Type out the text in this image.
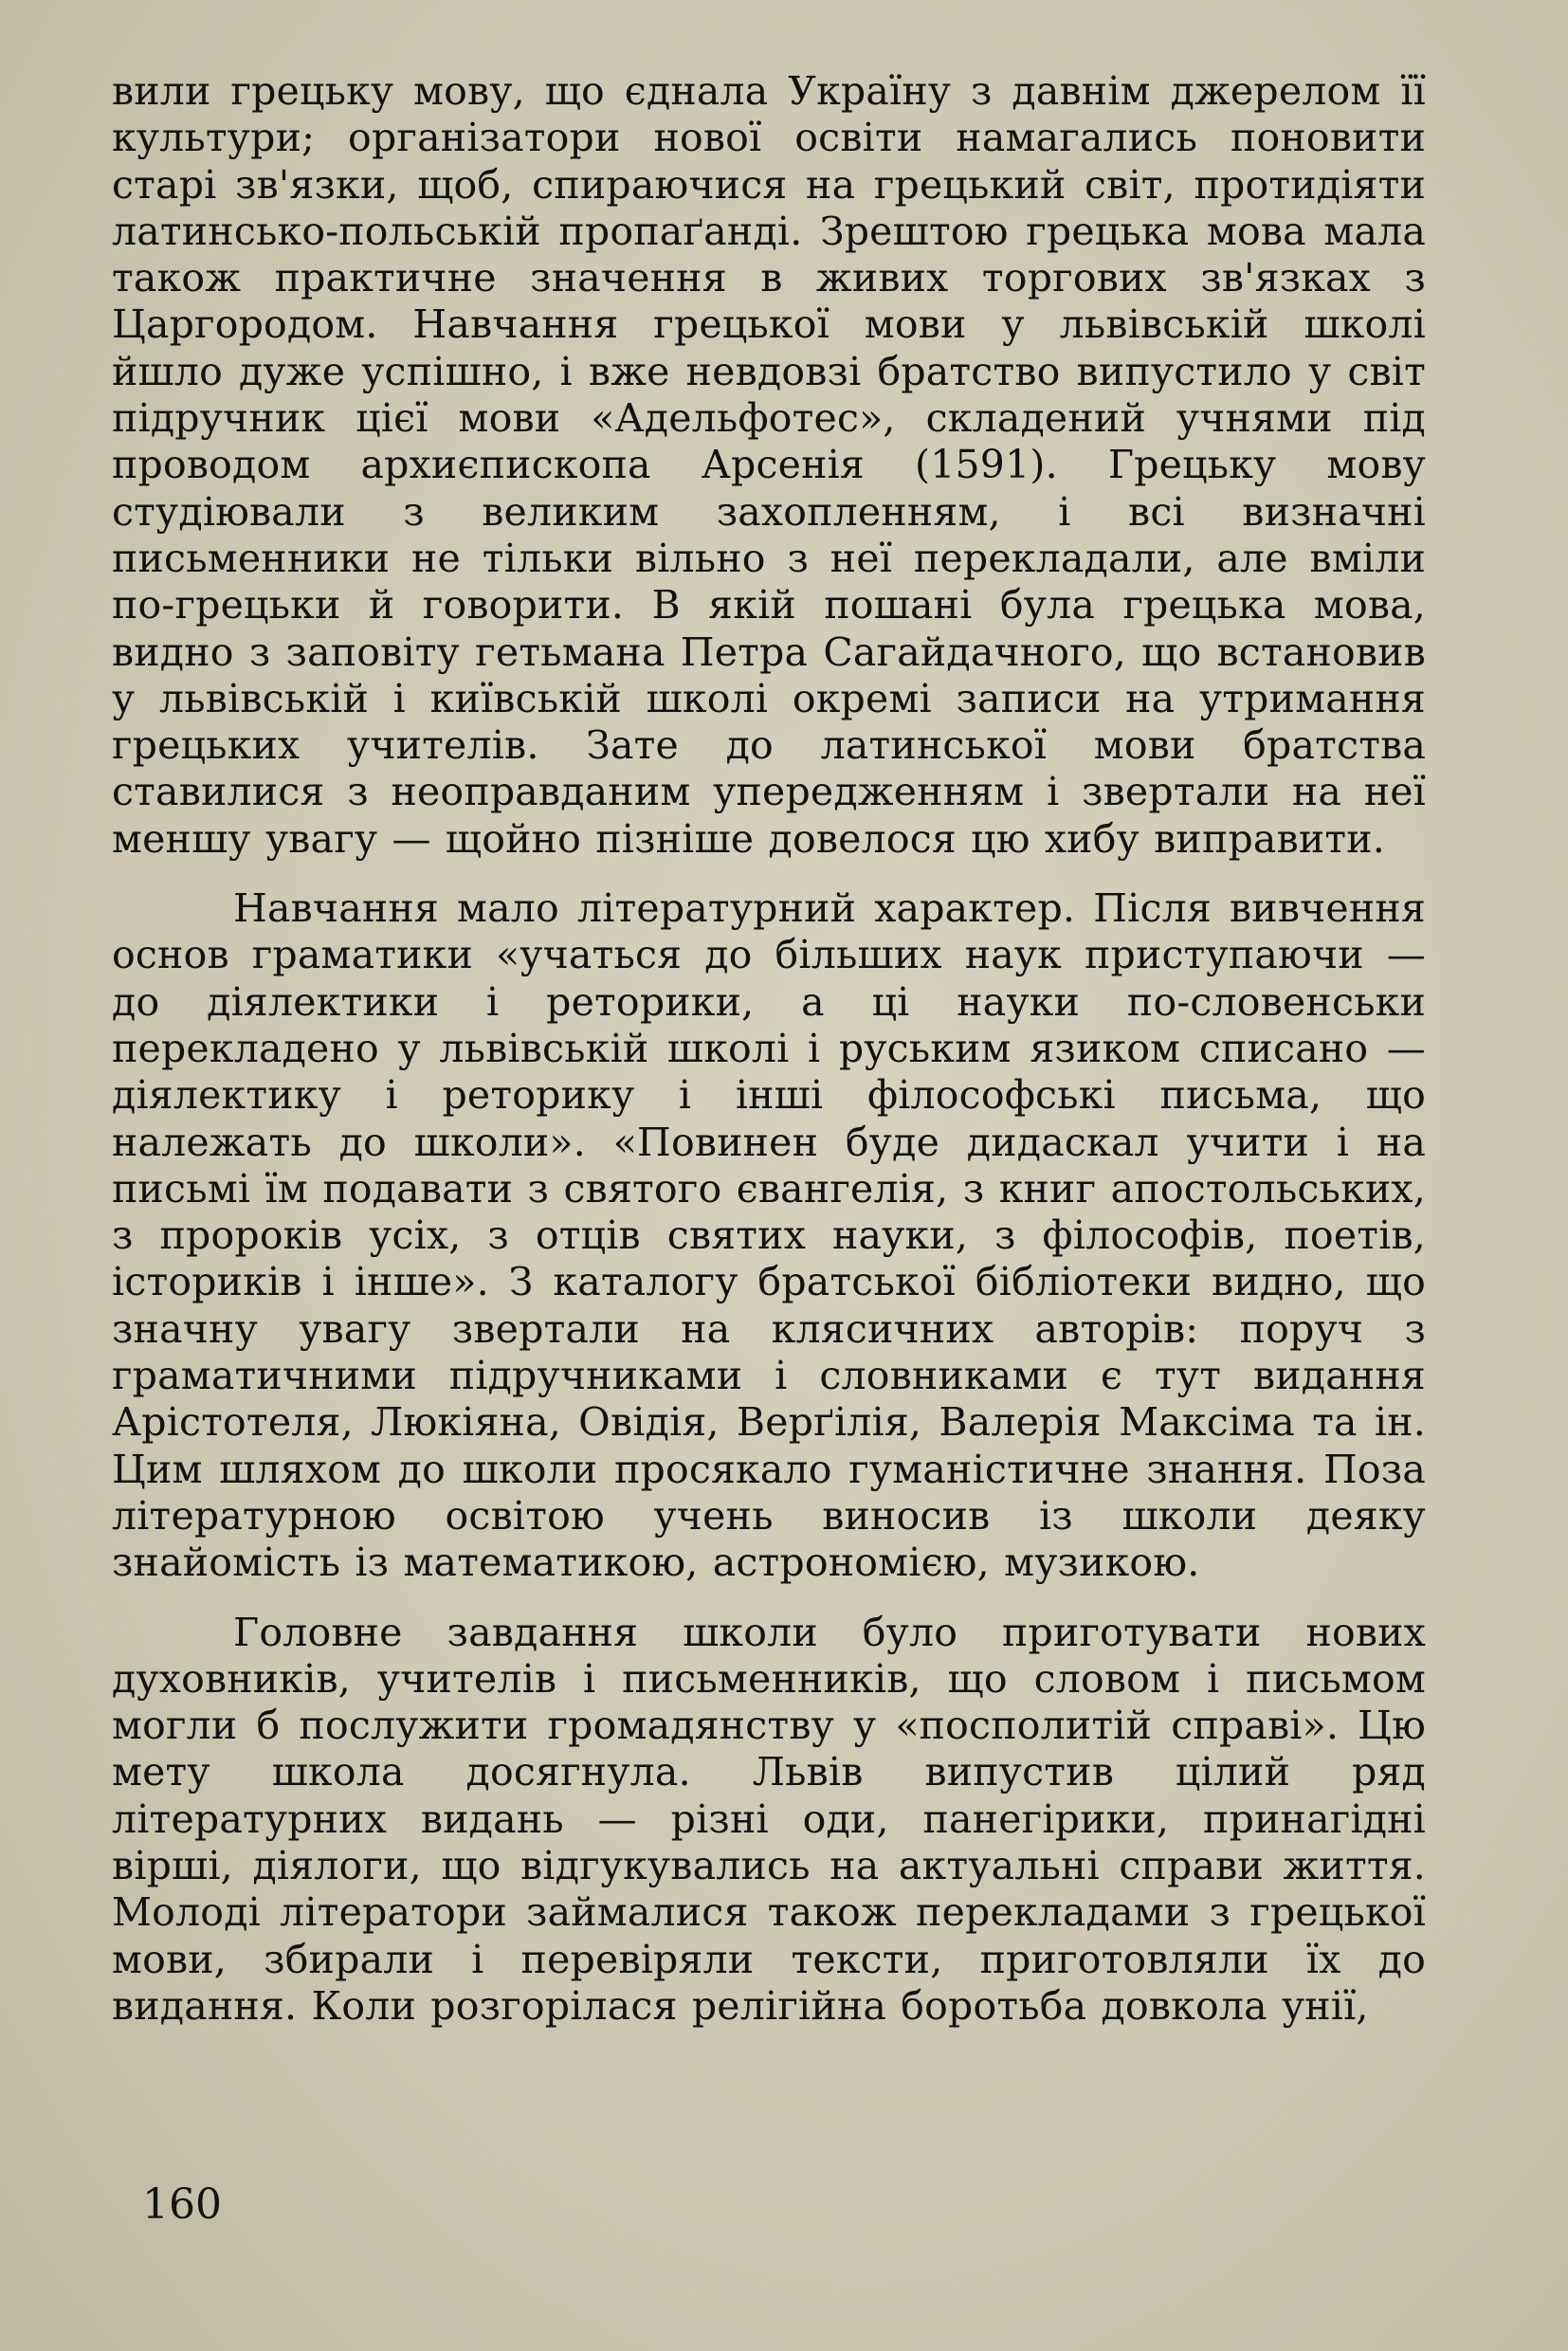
вили грецьку мову, що єднала Україну з давнім джерелом її культури; організатори нової освіти намагались поновити старі зв'язки, щоб, спираючися на грецький світ, протидіяти латинсько-польській пропаґанді. Зрештою грецька мова мала також практичне значення в живих торгових зв'язках з Царгородом. Навчання грецької мови у львівській школі йшло дуже успішно, і вже невдовзі братство випустило у світ підручник цієї мови «Адельфотес», складений учнями під проводом архиєпископа Арсенія (1591). Грецьку мову студіювали з великим захопленням, і всі визначні письменники не тільки вільно з неї перекладали, але вміли по-грецьки й говорити. В якій пошані була грецька мова, видно з заповіту гетьмана Петра Сагайдачного, що встановив у львівській і київській школі окремі записи на утримання грецьких учителів. Зате до латинської мови братства ставилися з неоправданим упередженням і звертали на неї меншу увагу — щойно пізніше довелося цю хибу виправити.

Навчання мало літературний характер. Після вивчення основ граматики «учаться до більших наук приступаючи — до діялектики і реторики, а ці науки по-словенськи перекладено у львівській школі і руським язиком списано — діялектику і реторику і інші філософські письма, що належать до школи». «Повинен буде дидаскал учити і на письмі їм подавати з святого євангелія, з книг апостольських, з пророків усіх, з отців святих науки, з філософів, поетів, істориків і інше». З каталогу братської бібліотеки видно, що значну увагу звертали на клясичних авторів: поруч з граматичними підручниками і словниками є тут видання Арістотеля, Люкіяна, Овідія, Верґілія, Валерія Максіма та ін. Цим шляхом до школи просякало гуманістичне знання. Поза літературною освітою учень виносив із школи деяку знайомість із математикою, астрономією, музикою.

Головне завдання школи було приготувати нових духовників, учителів і письменників, що словом і письмом могли б послужити громадянству у «посполитій справі». Цю мету школа досягнула. Львів випустив цілий ряд літературних видань — різні оди, панегірики, принагідні вірші, діялоги, що відгукувались на актуальні справи життя. Молоді літератори займалися також перекладами з грецької мови, збирали і перевіряли тексти, приготовляли їх до видання. Коли розгорілася релігійна боротьба довкола унії,

160
